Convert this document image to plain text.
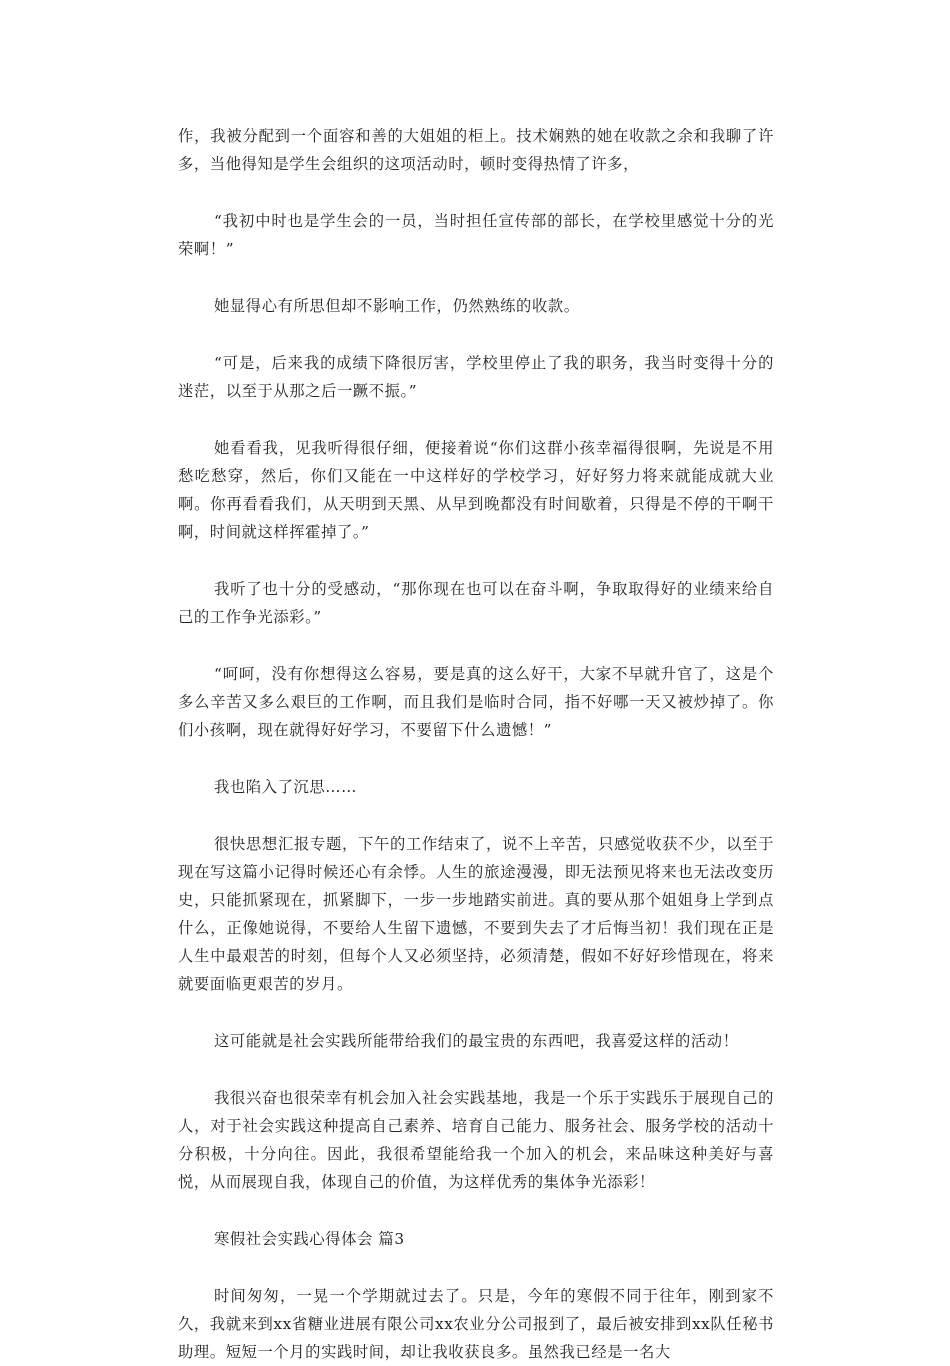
作，我被分配到一个面容和善的大姐姐的柜上。技术娴熟的她在收款之余和我聊了许多，当他得知是学生会组织的这项活动时，顿时变得热情了许多，

“我初中时也是学生会的一员，当时担任宣传部的部长，在学校里感觉十分的光荣啊！”

她显得心有所思但却不影响工作，仍然熟练的收款。

“可是，后来我的成绩下降很厉害，学校里停止了我的职务，我当时变得十分的迷茫，以至于从那之后一蹶不振。”

她看看我，见我听得很仔细，便接着说“你们这群小孩幸福得很啊，先说是不用愁吃愁穿，然后，你们又能在一中这样好的学校学习，好好努力将来就能成就大业啊。你再看看我们，从天明到天黑、从早到晚都没有时间歇着，只得是不停的干啊干啊，时间就这样挥霍掉了。”

我听了也十分的受感动，“那你现在也可以在奋斗啊，争取取得好的业绩来给自己的工作争光添彩。”

“呵呵，没有你想得这么容易，要是真的这么好干，大家不早就升官了，这是个多么辛苦又多么艰巨的工作啊，而且我们是临时合同，指不好哪一天又被炒掉了。你们小孩啊，现在就得好好学习，不要留下什么遗憾！”

我也陷入了沉思……

很快思想汇报专题，下午的工作结束了，说不上辛苦，只感觉收获不少，以至于现在写这篇小记得时候还心有余悸。人生的旅途漫漫，即无法预见将来也无法改变历史，只能抓紧现在，抓紧脚下，一步一步地踏实前进。真的要从那个姐姐身上学到点什么，正像她说得，不要给人生留下遗憾，不要到失去了才后悔当初！我们现在正是人生中最艰苦的时刻，但每个人又必须坚持，必须清楚，假如不好好珍惜现在，将来就要面临更艰苦的岁月。

这可能就是社会实践所能带给我们的最宝贵的东西吧，我喜爱这样的活动！

我很兴奋也很荣幸有机会加入社会实践基地，我是一个乐于实践乐于展现自己的人，对于社会实践这种提高自己素养、培育自己能力、服务社会、服务学校的活动十分积极，十分向往。因此，我很希望能给我一个加入的机会，来品味这种美好与喜悦，从而展现自我，体现自己的价值，为这样优秀的集体争光添彩！

寒假社会实践心得体会 篇3

时间匆匆，一晃一个学期就过去了。只是，今年的寒假不同于往年，刚到家不久，我就来到xx省糖业进展有限公司xx农业分公司报到了，最后被安排到xx队任秘书助理。短短一个月的实践时间，却让我收获良多。虽然我已经是一名大
